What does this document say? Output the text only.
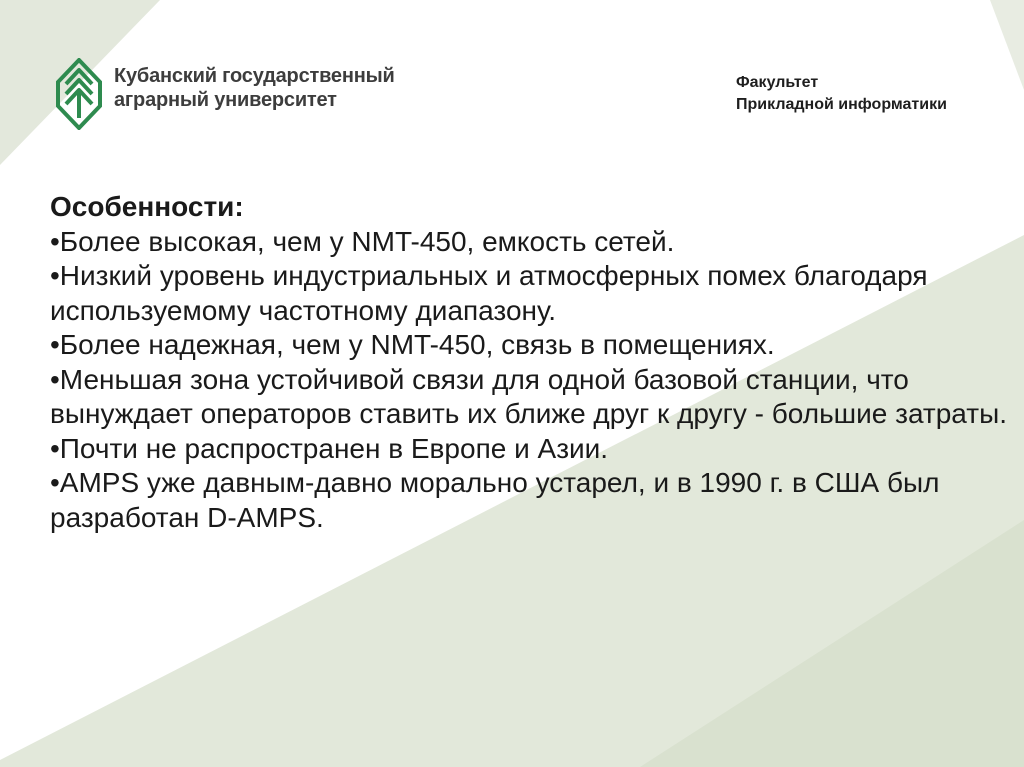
Кубанский государственный
аграрный университет
Факультет
Прикладной информатики
Особенности:
•Более высокая, чем у NMT-450, емкость сетей.
•Низкий уровень индустриальных и атмосферных помех благодаря используемому частотному диапазону.
•Более надежная, чем у NMT-450, связь в помещениях.
•Меньшая зона устойчивой связи для одной базовой станции, что вынуждает операторов ставить их ближе друг к другу - большие затраты.
•Почти не распространен в Европе и Азии.
•AMPS уже давным-давно морально устарел, и в 1990 г. в США был разработан D-AMPS.
